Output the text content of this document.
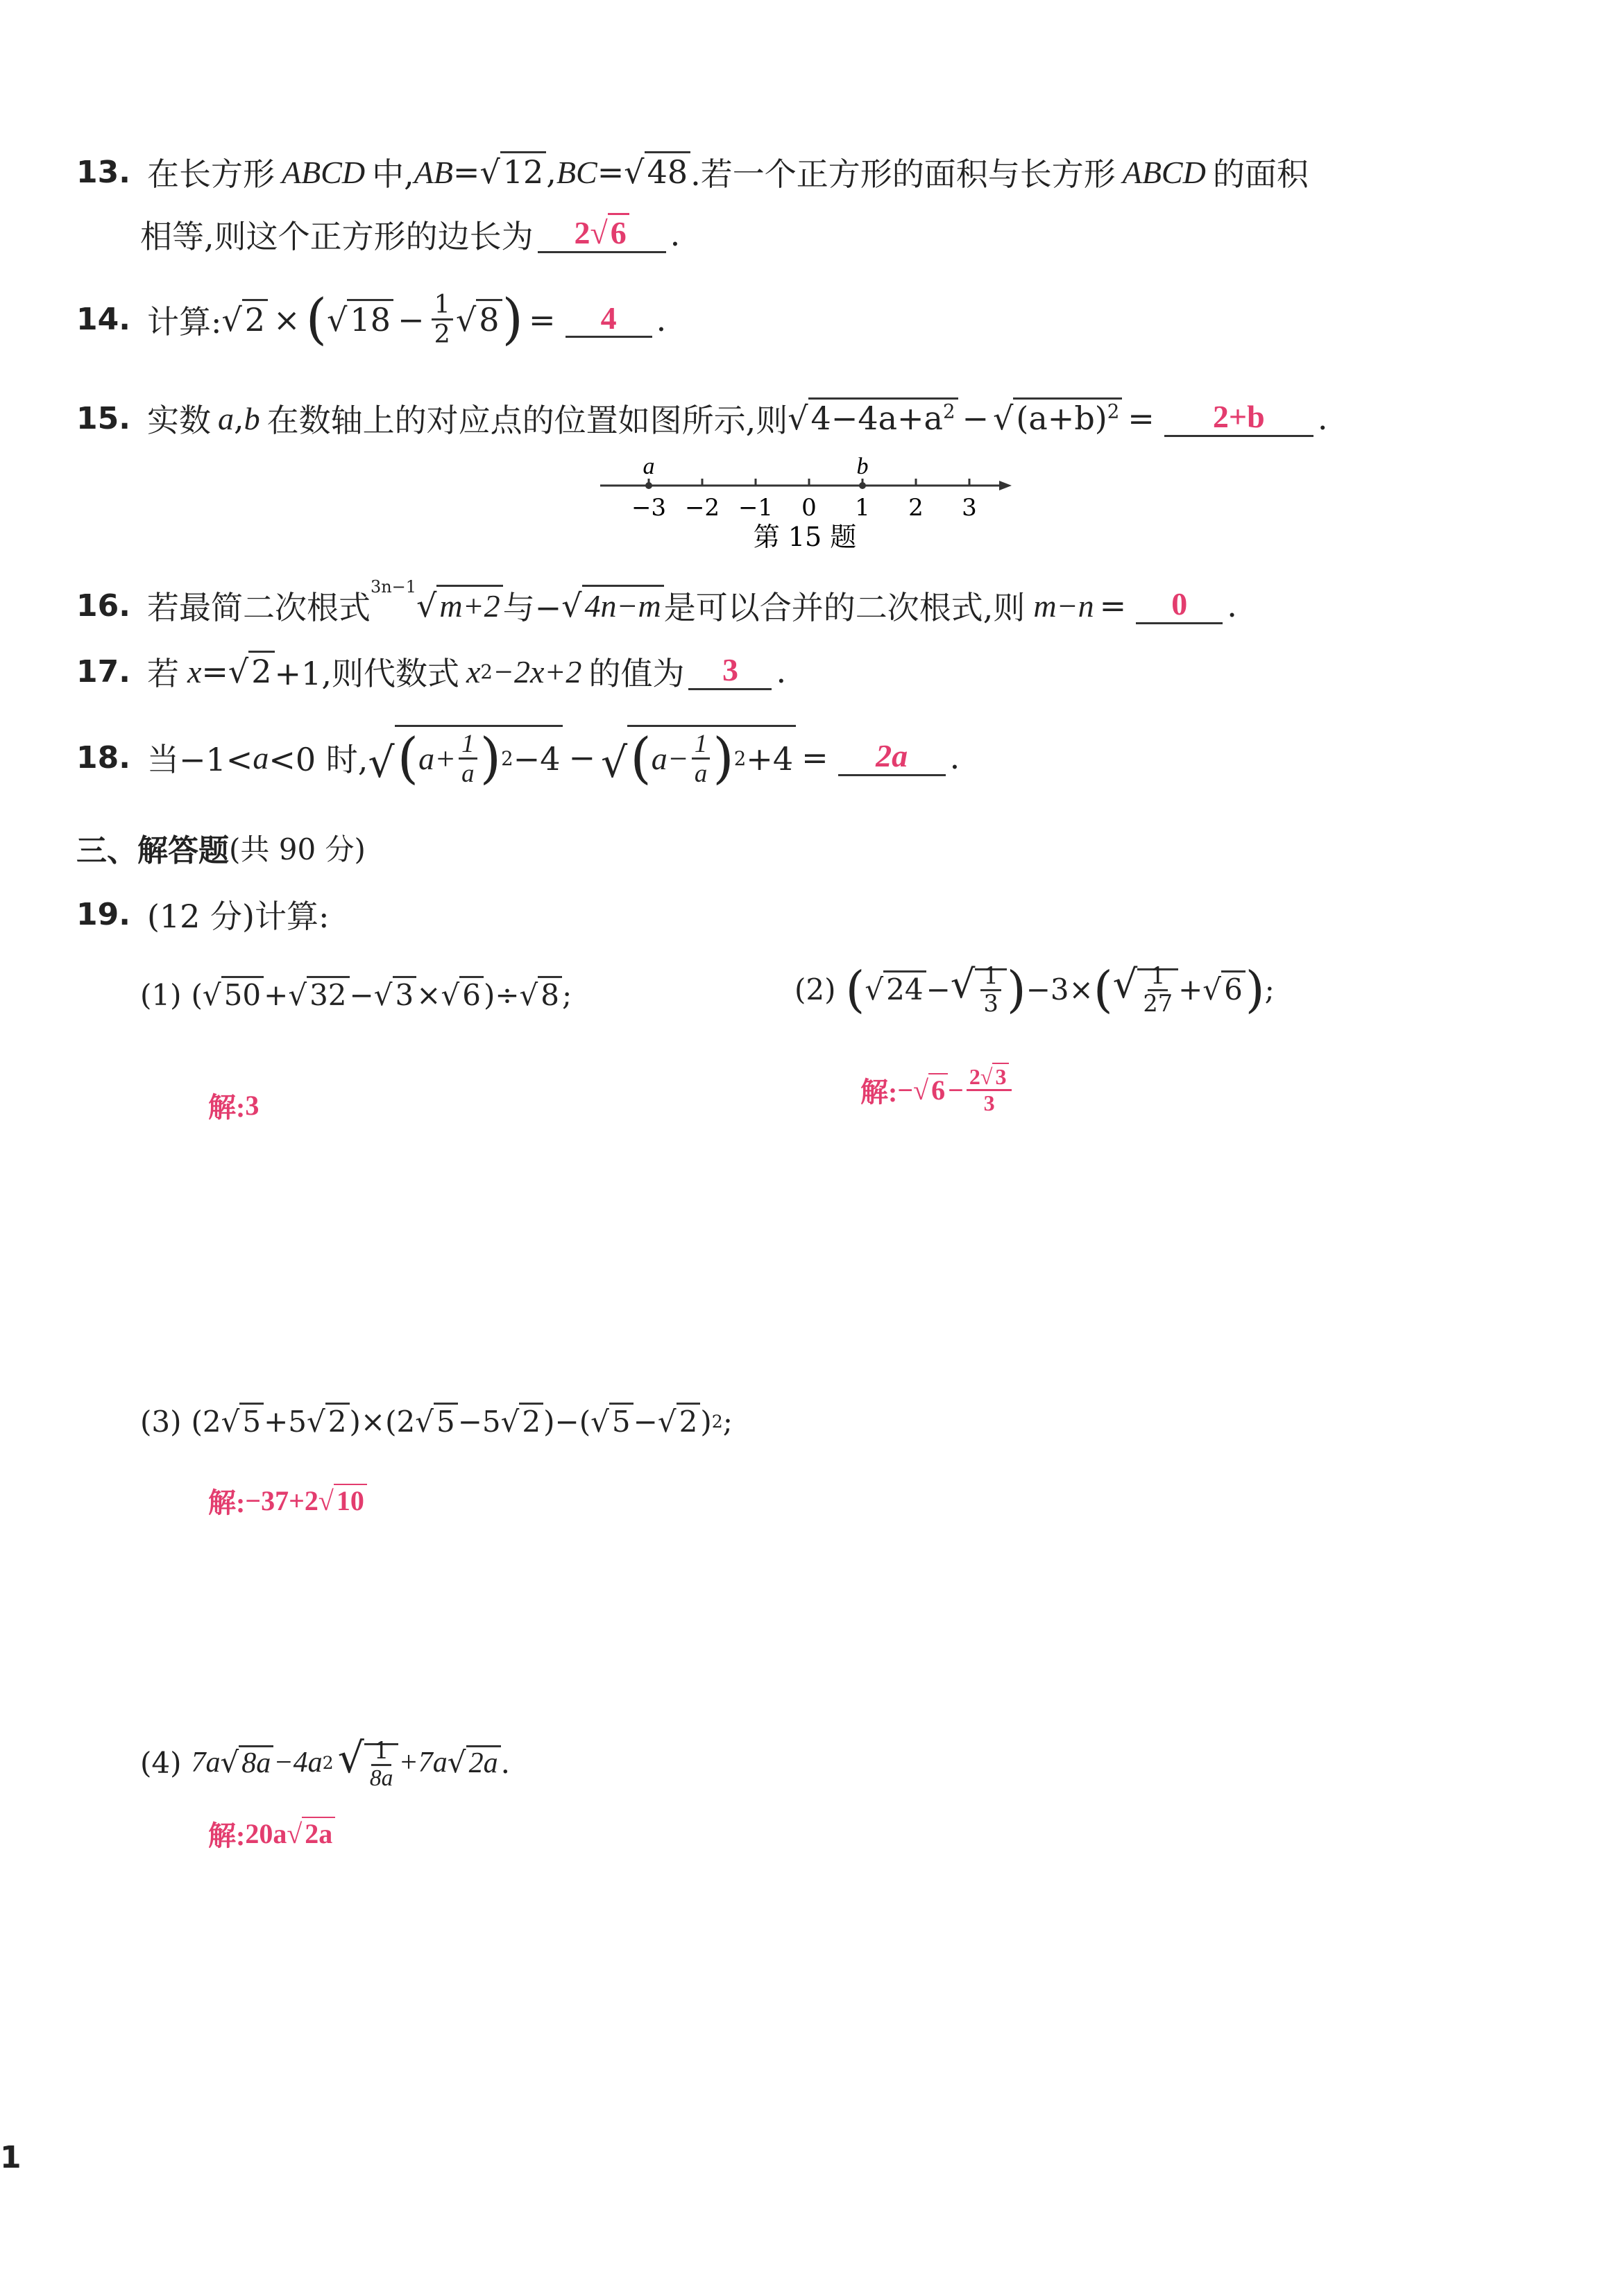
13. 在长方形 ABCD 中, AB = √12 , BC = √48 .若一个正方形的面积与长方形 ABCD 的面积
相等,则这个正方形的边长为	2√6	.
14. 计算: √2 × ( $√18 - \frac{1}{2} √8$ ) =	4	.
15. 实数 a , b 在数轴上的对应点的位置如图所示,则 $√4-4a+a^2 - √(a+b)^2$ =	2+b	.
−3 −2 −1 0 1 2 3
a	b
第 15 题
16. 若最简二次根式
3n−1 √m+2 与− √4n−m 是可以合并的二次根式,则 m−n =	0	.
17. 若 x = √2 +1,则代数式 x 2 −2x+2 的值为	3	.
18. 当−1< a <0 时, √ ( $a+ \frac{1}{a}$ ) 2 −4 − √ ( $a- \frac{1}{a}$ ) 2 +4 =	2a	.
三、解答题 (共 90 分)
19. (12 分)计算:
(1) ( √50 + √32 − √3 × √6 )÷ √8 ;
解: 3
(2) ( √24 − √ $\frac{1}{3}$ ) −3× ( √ $\frac{1}{27} + √6$ ) ;
解: − √ $6 - \frac{2√ 3}{3}$
(3) (2 √5 +5 √2 )×(2 √5 −5 √2 )−( √5 − √2 ) 2 ;
解: −37+2 √ 10
(4) 7a √8a −4a 2 √ $\frac{1}{8a} +7a$ √2a .
解: 20a √ 2a
1
